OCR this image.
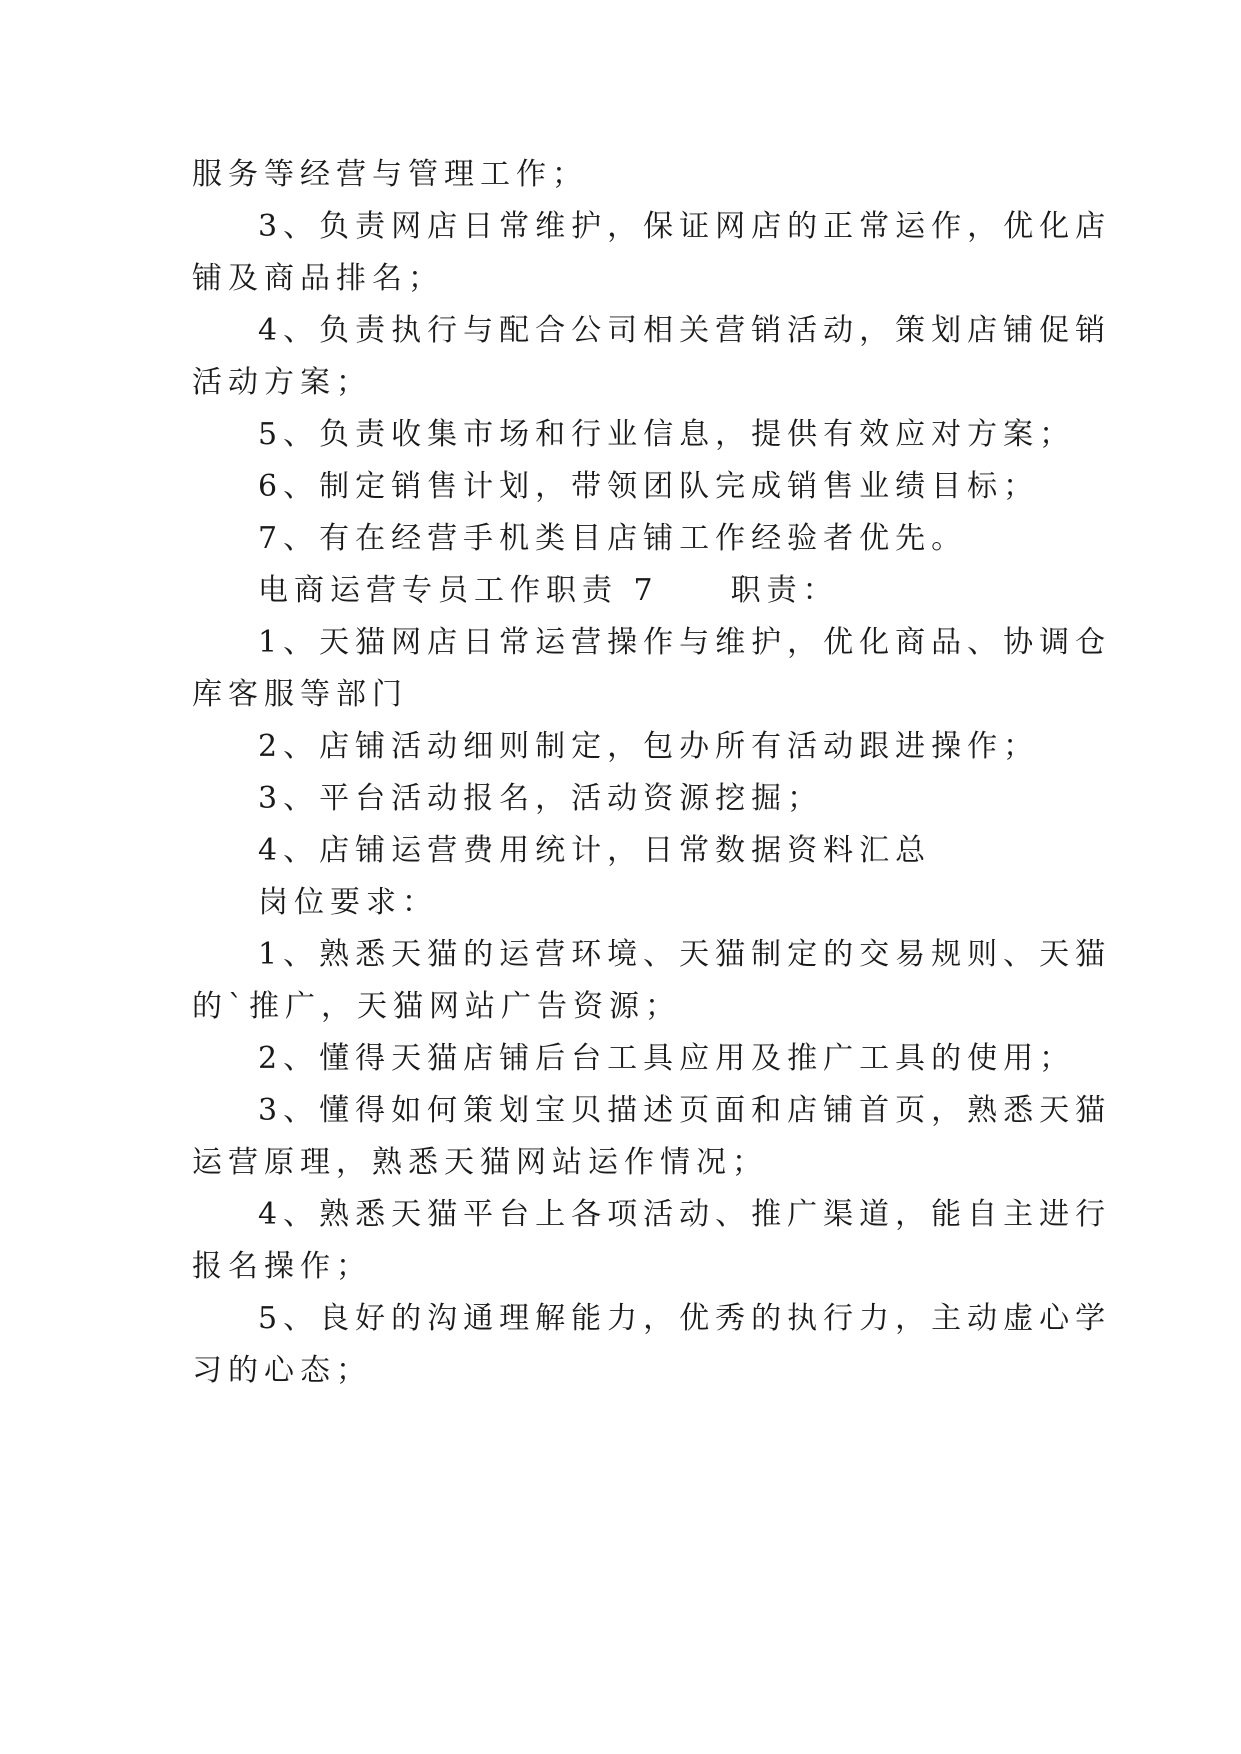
服务等经营与管理工作；
3、负责网店日常维护，保证网店的正常运作，优化店
铺及商品排名；
4、负责执行与配合公司相关营销活动，策划店铺促销
活动方案；
5、负责收集市场和行业信息，提供有效应对方案；
6、制定销售计划，带领团队完成销售业绩目标；
7、有在经营手机类目店铺工作经验者优先。
电商运营专员工作职责 7　　职责：
1、天猫网店日常运营操作与维护，优化商品、协调仓
库客服等部门
2、店铺活动细则制定，包办所有活动跟进操作；
3、平台活动报名，活动资源挖掘；
4、店铺运营费用统计，日常数据资料汇总
岗位要求：
1、熟悉天猫的运营环境、天猫制定的交易规则、天猫
的`推广，天猫网站广告资源；
2、懂得天猫店铺后台工具应用及推广工具的使用；
3、懂得如何策划宝贝描述页面和店铺首页，熟悉天猫
运营原理，熟悉天猫网站运作情况；
4、熟悉天猫平台上各项活动、推广渠道，能自主进行
报名操作；
5、良好的沟通理解能力，优秀的执行力，主动虚心学
习的心态；
